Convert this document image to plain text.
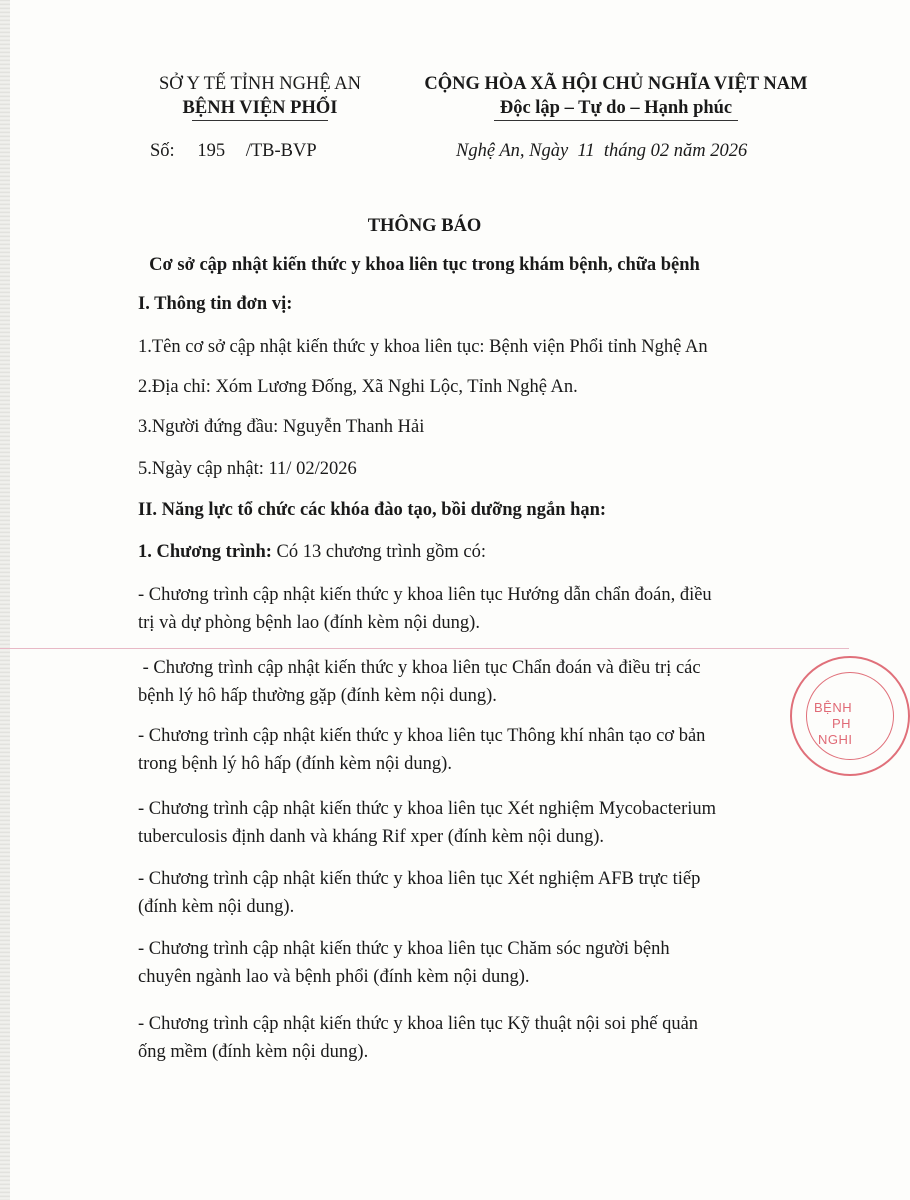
SỞ Y TẾ TỈNH NGHỆ AN
BỆNH VIỆN PHỔI
CỘNG HÒA XÃ HỘI CHỦ NGHĨA VIỆT NAM
Độc lập – Tự do – Hạnh phúc
Số: 195 /TB-BVP	Nghệ An, Ngày  11  tháng 02 năm 2026
THÔNG BÁO
Cơ sở cập nhật kiến thức y khoa liên tục trong khám bệnh, chữa bệnh
I. Thông tin đơn vị:
1.Tên cơ sở cập nhật kiến thức y khoa liên tục: Bệnh viện Phổi tỉnh Nghệ An
2.Địa chỉ: Xóm Lương Đống, Xã Nghi Lộc, Tỉnh Nghệ An.
3.Người đứng đầu: Nguyễn Thanh Hải
5.Ngày cập nhật: 11/ 02/2026
II. Năng lực tổ chức các khóa đào tạo, bồi dưỡng ngắn hạn:
1. Chương trình: Có 13 chương trình gồm có:
- Chương trình cập nhật kiến thức y khoa liên tục Hướng dẫn chẩn đoán, điều
trị và dự phòng bệnh lao (đính kèm nội dung).
- Chương trình cập nhật kiến thức y khoa liên tục Chẩn đoán và điều trị các
bệnh lý hô hấp thường gặp (đính kèm nội dung).
- Chương trình cập nhật kiến thức y khoa liên tục Thông khí nhân tạo cơ bản
trong bệnh lý hô hấp (đính kèm nội dung).
- Chương trình cập nhật kiến thức y khoa liên tục Xét nghiệm Mycobacterium
tuberculosis định danh và kháng Rif xper (đính kèm nội dung).
- Chương trình cập nhật kiến thức y khoa liên tục Xét nghiệm AFB trực tiếp
(đính kèm nội dung).
- Chương trình cập nhật kiến thức y khoa liên tục Chăm sóc người bệnh
chuyên ngành lao và bệnh phổi (đính kèm nội dung).
- Chương trình cập nhật kiến thức y khoa liên tục Kỹ thuật nội soi phế quản
ống mềm (đính kèm nội dung).
BỆNH
PH
NGHI
